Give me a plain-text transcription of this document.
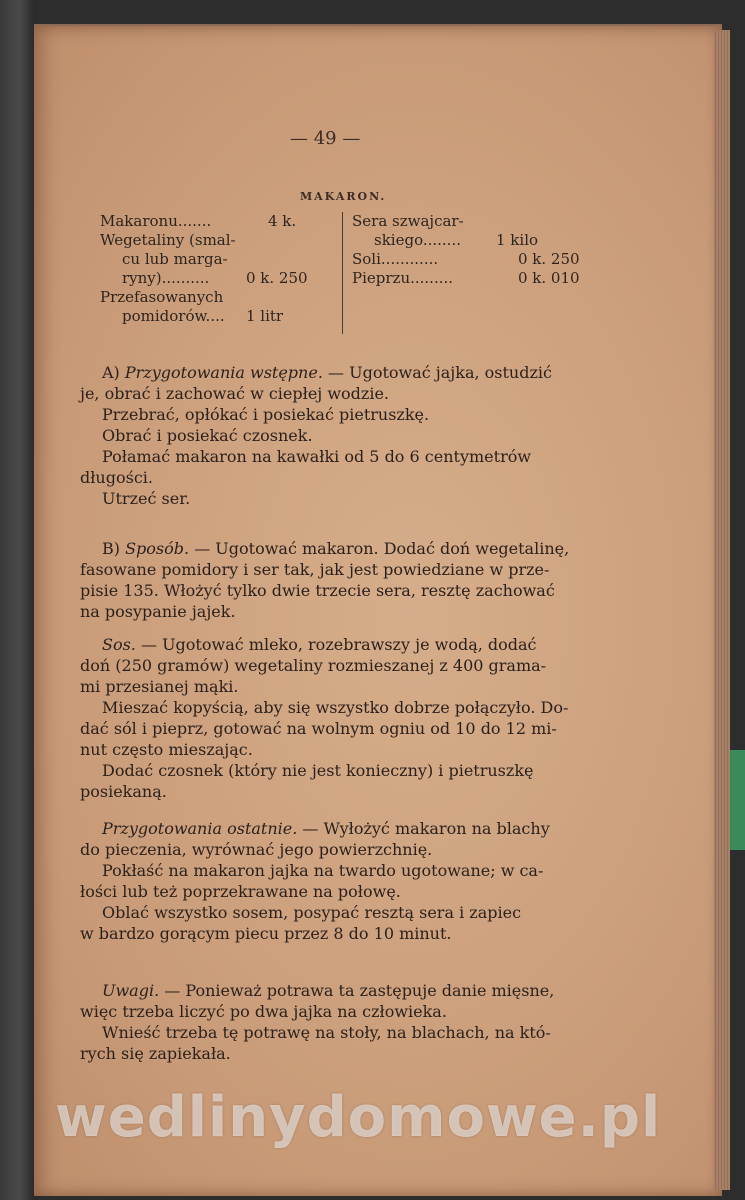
— 49 —
MAKARON.
Makaronu.......	4 k.
Wegetaliny (smal-
cu lub marga-
ryny).......... 0 k. 250
Przefasowanych
pomidorów.... 1 litr
Sera szwajcar-
skiego........ 1 kilo
Soli............	0 k. 250
Pieprzu.........	0 k. 010
A) Przygotowania wstępne. — Ugotować jajka, ostudzić
je, obrać i zachować w ciepłej wodzie.
Przebrać, opłókać i posiekać pietruszkę.
Obrać i posiekać czosnek.
Połamać makaron na kawałki od 5 do 6 centymetrów
długości.
Utrzeć ser.
B) Sposób. — Ugotować makaron. Dodać doń wegetalinę,
fasowane pomidory i ser tak, jak jest powiedziane w prze-
pisie 135. Włożyć tylko dwie trzecie sera, resztę zachować
na posypanie jajek.
Sos. — Ugotować mleko, rozebrawszy je wodą, dodać
doń (250 gramów) wegetaliny rozmieszanej z 400 grama-
mi przesianej mąki.
Mieszać kopyścią, aby się wszystko dobrze połączyło. Do-
dać sól i pieprz, gotować na wolnym ogniu od 10 do 12 mi-
nut często mieszając.
Dodać czosnek (który nie jest konieczny) i pietruszkę
posiekaną.
Przygotowania ostatnie. — Wyłożyć makaron na blachy
do pieczenia, wyrównać jego powierzchnię.
Pokłaść na makaron jajka na twardo ugotowane; w ca-
łości lub też poprzekrawane na połowę.
Oblać wszystko sosem, posypać resztą sera i zapiec
w bardzo gorącym piecu przez 8 do 10 minut.
Uwagi. — Ponieważ potrawa ta zastępuje danie mięsne,
więc trzeba liczyć po dwa jajka na człowieka.
Wnieść trzeba tę potrawę na stoły, na blachach, na któ-
rych się zapiekała.
wedlinydomowe.pl
